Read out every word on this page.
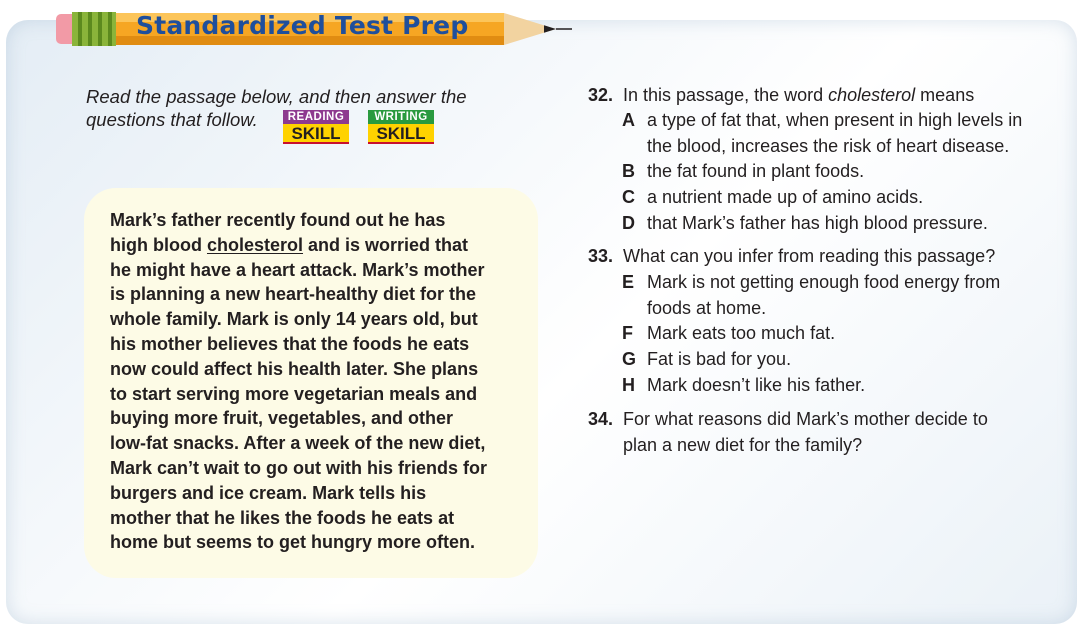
Standardized Test Prep
Read the passage below, and then answer the
questions that follow.	READING
SKILL
WRITING
SKILL
Mark’s father recently found out he has
high blood cholesterol and is worried that
he might have a heart attack. Mark’s mother
is planning a new heart-healthy diet for the
whole family. Mark is only 14 years old, but
his mother believes that the foods he eats
now could affect his health later. She plans
to start serving more vegetarian meals and
buying more fruit, vegetables, and other
low-fat snacks. After a week of the new diet,
Mark can’t wait to go out with his friends for
burgers and ice cream. Mark tells his
mother that he likes the foods he eats at
home but seems to get hungry more often.
32. In this passage, the word cholesterol means
A a type of fat that, when present in high levels in
the blood, increases the risk of heart disease.
B the fat found in plant foods.
C a nutrient made up of amino acids.
D that Mark’s father has high blood pressure.
33. What can you infer from reading this passage?
E Mark is not getting enough food energy from
foods at home.
F Mark eats too much fat.
G Fat is bad for you.
H Mark doesn’t like his father.
34. For what reasons did Mark’s mother decide to
plan a new diet for the family?
